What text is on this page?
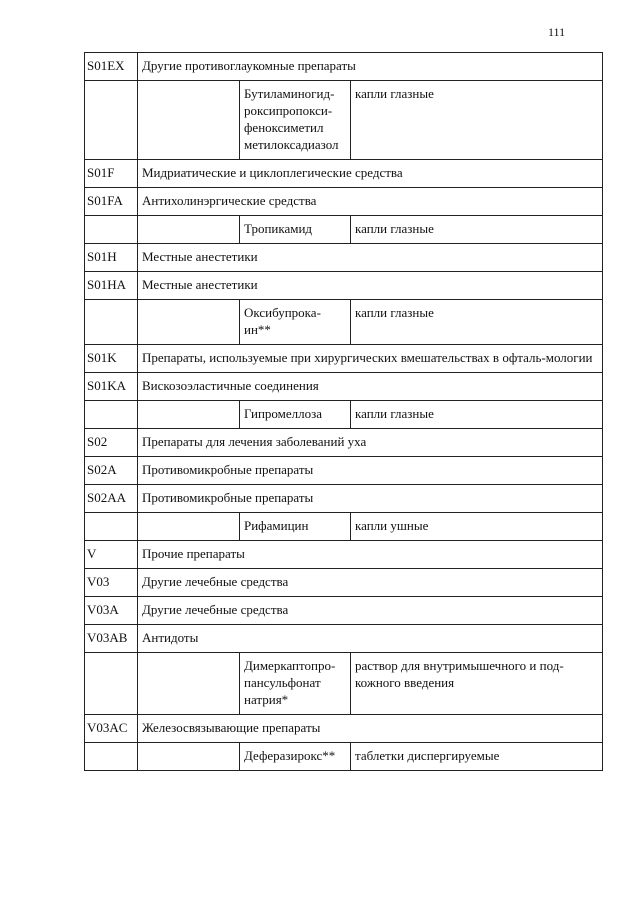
111
S01EX	Другие противоглаукомные препараты		
		Бутиламиногид-роксипропокси-феноксиметил метилоксадиазол	капли глазные
S01F	Мидриатические и циклоплегические средства		
S01FA	Антихолинэргические средства		
		Тропикамид	капли глазные
S01H	Местные анестетики		
S01HA	Местные анестетики		
		Оксибупрока-ин**	капли глазные
S01K	Препараты, используемые при хирургических вмешательствах в офталь-мологии		
S01KA	Вискозоэластичные соединения		
		Гипромеллоза	капли глазные
S02	Препараты для лечения заболеваний уха		
S02A	Противомикробные препараты		
S02AA	Противомикробные препараты		
		Рифамицин	капли ушные
V	Прочие препараты		
V03	Другие лечебные средства		
V03A	Другие лечебные средства		
V03AB	Антидоты		
		Димеркаптопро-пансульфонат натрия*	раствор для внутримышечного и под-кожного введения
V03AC	Железосвязывающие препараты		
		Деферазирокс**	таблетки диспергируемые
